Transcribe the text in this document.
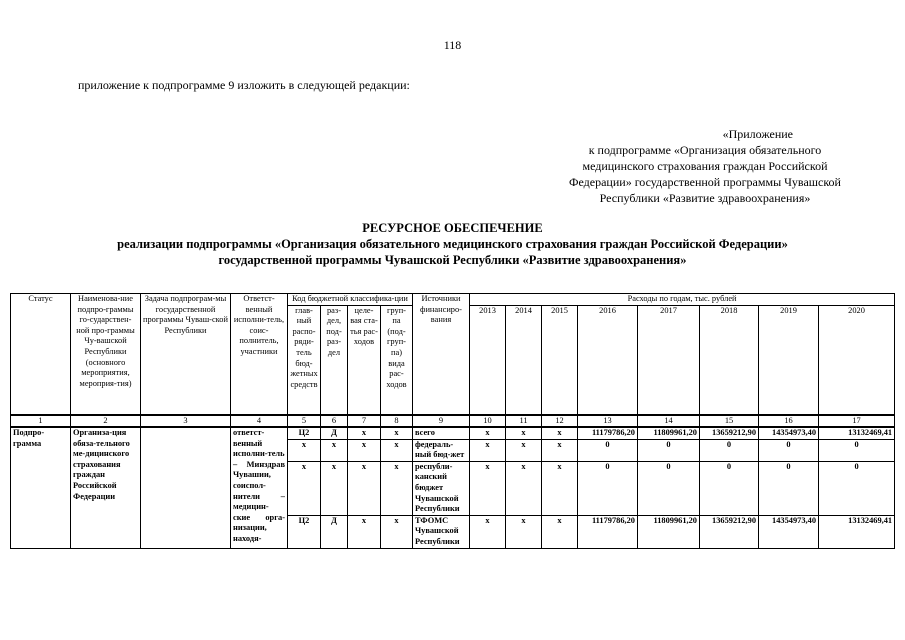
118
приложение к подпрограмме 9 изложить в следующей редакции:
«Приложение
к подпрограмме «Организация обязательного
медицинского страхования граждан Российской
Федерации» государственной программы Чувашской
Республики «Развитие здравоохранения»
РЕСУРСНОЕ ОБЕСПЕЧЕНИЕ
реализации подпрограммы «Организация обязательного медицинского страхования граждан Российской Федерации»
государственной программы Чувашской Республики «Развитие здравоохранения»
Статус	Наименова-ние подпро-граммы го-сударствен-ной про-граммы Чу-вашской Республики (основного мероприятия, мероприя-тия)	Задача подпрограм-мы государственной программы Чуваш-ской Республики	Ответст-венный исполни-тель, соис-полнитель, участники	Код бюджетной классифика-ции				Источники финансиро-вания	Расходы по годам, тыс. рублей							
				глав-ный распо-ряди-тель бюд-жетных средств	раз-дел, под-раз-дел	целе-вая ста-тья рас-ходов	груп-па (под-груп-па) вида рас-ходов		2013	2014	2015	2016	2017	2018	2019	2020
1	2	3	4	5	6	7	8	9	10	11	12	13	14	15	16	17
Подпро-грамма	Организа-ция обяза-тельного ме-дицинского страхования граждан Российской Федерации		ответст-венный исполни-тель – Минздрав Чувашии, соиспол-нители – медицин-ские орга-низации, находя-	Ц2	Д	х	х	всего	х	х	х	11179786,20	11809961,20	13659212,90	14354973,40	13132469,41
				х	х	х	х	федераль-ный бюд-жет	х	х	х	0	0	0	0	0
				х	х	х	х	республи-канский бюджет Чувашской Республики	х	х	х	0	0	0	0	0
				Ц2	Д	х	х	ТФОМС Чувашской Республики	х	х	х	11179786,20	11809961,20	13659212,90	14354973,40	13132469,41
